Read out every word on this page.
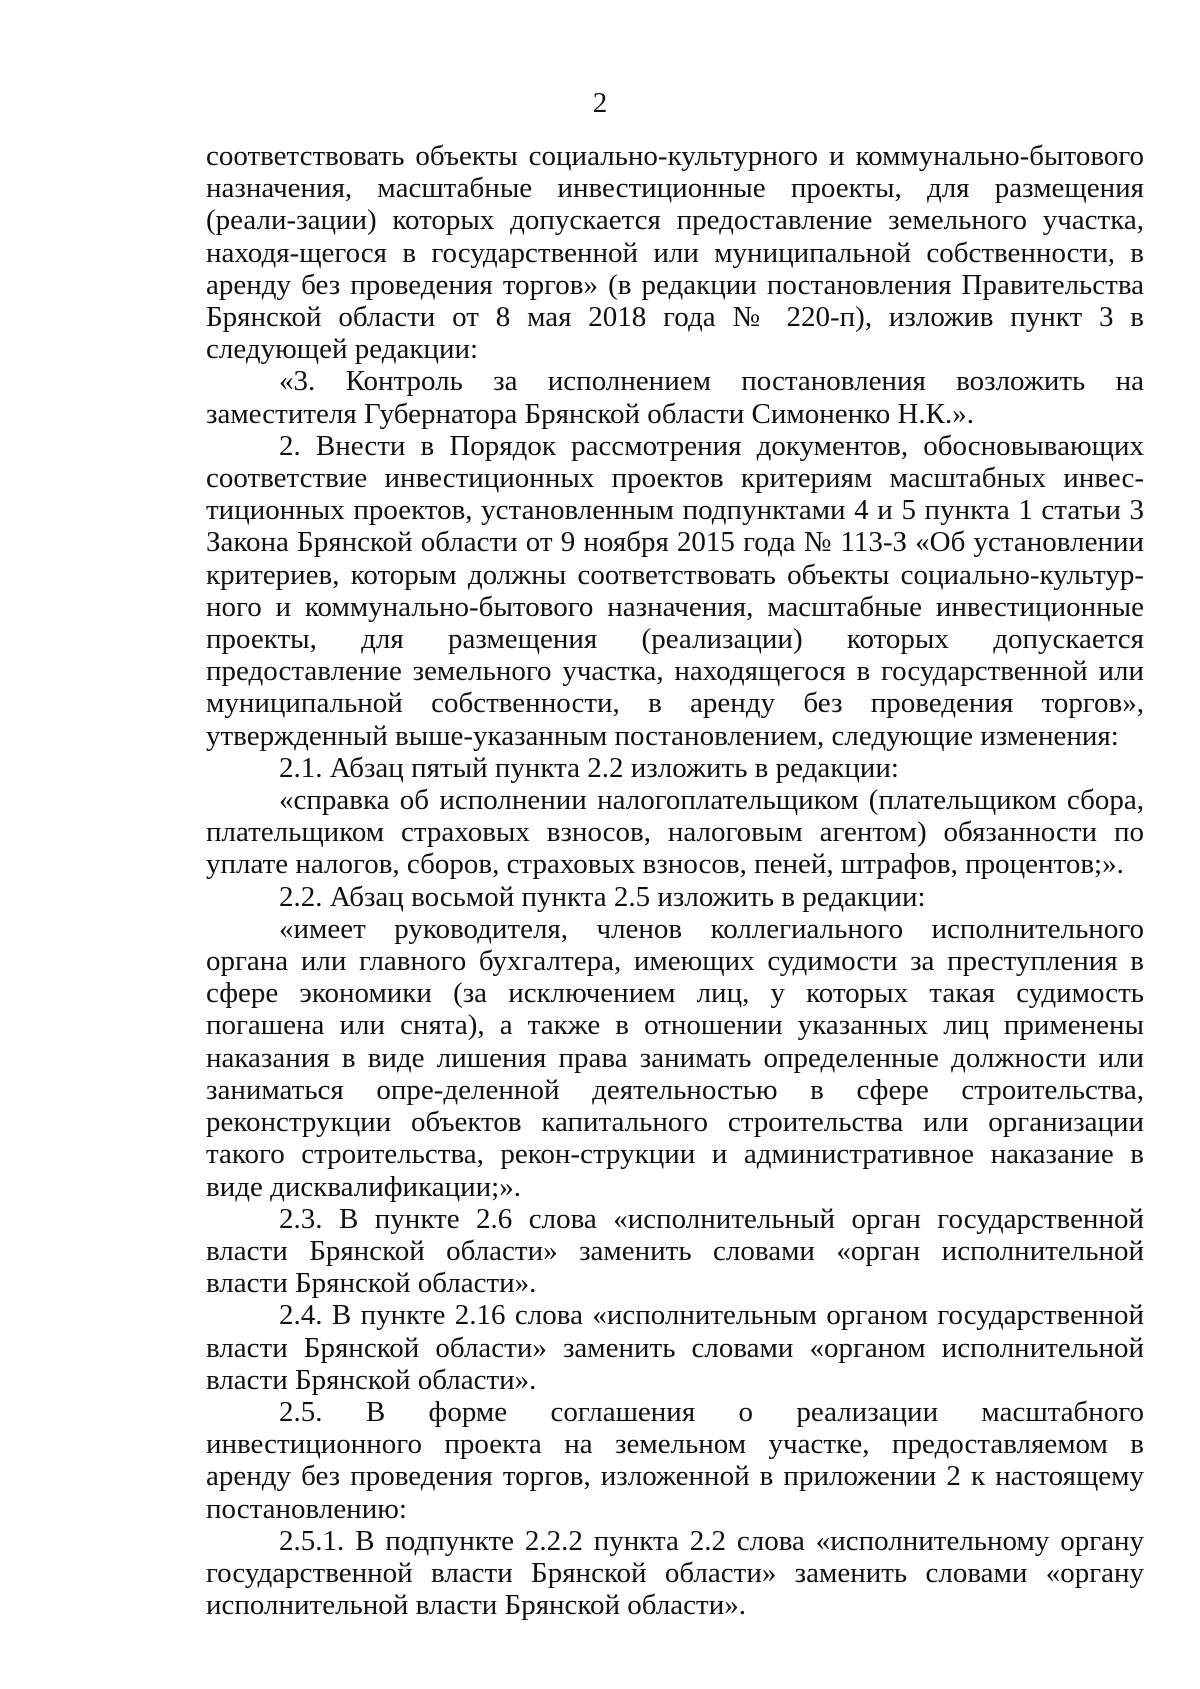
2

соответствовать объекты социально-культурного и коммунально-бытового назначения, масштабные инвестиционные проекты, для размещения (реали-зации) которых допускается предоставление земельного участка, находя-щегося в государственной или муниципальной собственности, в аренду без проведения торгов» (в редакции постановления Правительства Брянской области от 8 мая 2018 года № 220-п), изложив пункт 3 в следующей редакции:

«3. Контроль за исполнением постановления возложить на заместителя Губернатора Брянской области Симоненко Н.К.».

2. Внести в Порядок рассмотрения документов, обосновывающих соответствие инвестиционных проектов критериям масштабных инвес-тиционных проектов, установленным подпунктами 4 и 5 пункта 1 статьи 3 Закона Брянской области от 9 ноября 2015 года № 113-З «Об установлении критериев, которым должны соответствовать объекты социально-культур-ного и коммунально-бытового назначения, масштабные инвестиционные проекты, для размещения (реализации) которых допускается предоставление земельного участка, находящегося в государственной или муниципальной собственности, в аренду без проведения торгов», утвержденный выше-указанным постановлением, следующие изменения:

2.1. Абзац пятый пункта 2.2 изложить в редакции:

«справка об исполнении налогоплательщиком (плательщиком сбора, плательщиком страховых взносов, налоговым агентом) обязанности по уплате налогов, сборов, страховых взносов, пеней, штрафов, процентов;».

2.2. Абзац восьмой пункта 2.5 изложить в редакции:

«имеет руководителя, членов коллегиального исполнительного органа или главного бухгалтера, имеющих судимости за преступления в сфере экономики (за исключением лиц, у которых такая судимость погашена или снята), а также в отношении указанных лиц применены наказания в виде лишения права занимать определенные должности или заниматься опре-деленной деятельностью в сфере строительства, реконструкции объектов капитального строительства или организации такого строительства, рекон-струкции и административное наказание в виде дисквалификации;».

2.3. В пункте 2.6 слова «исполнительный орган государственной власти Брянской области» заменить словами «орган исполнительной власти Брянской области».

2.4. В пункте 2.16 слова «исполнительным органом государственной власти Брянской области» заменить словами «органом исполнительной власти Брянской области».

2.5. В форме соглашения о реализации масштабного инвестиционного проекта на земельном участке, предоставляемом в аренду без проведения торгов, изложенной в приложении 2 к настоящему постановлению:

2.5.1. В подпункте 2.2.2 пункта 2.2 слова «исполнительному органу государственной власти Брянской области» заменить словами «органу исполнительной власти Брянской области».
